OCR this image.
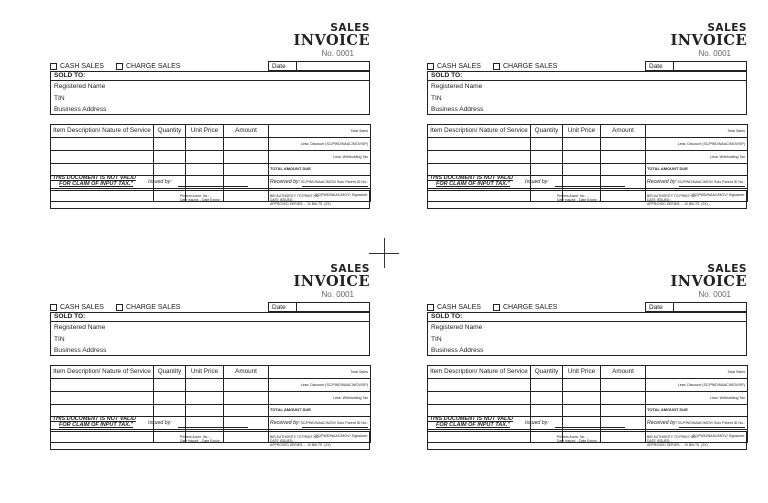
SALES
INVOICE
No. 0001
CASH SALES	CHARGE SALES	Date
SOLD TO:
Registered Name
TIN
Business Address
Item Description/ Nature of Service	Quantity	Unit Price	Amount	Total Sales
				Less: Discount (SC/PWD/NAAC/MOV/SP)
				Less: Withholding Tax
				TOTAL AMOUNT DUE
				SC/PWD/NAAC/MOV/ Solo Parent ID No.:
				SC/PWD/NAAC/MOV/ Signature:
"THIS DOCUMENT IS NOT VALID
FOR CLAIM OF INPUT TAX."	Issued by:	Received by:
Printers Accre. No.: -
Date Issued: - Date Expiry: -
BIR AUTHORITY TO PRINT NO.: -
DATE ISSUED: -
APPROVED SERIES: -  10 BKLTS  (2X)
SALES
INVOICE
No. 0001
CASH SALES	CHARGE SALES	Date
SOLD TO:
Registered Name
TIN
Business Address
Item Description/ Nature of Service	Quantity	Unit Price	Amount	Total Sales
				Less: Discount (SC/PWD/NAAC/MOV/SP)
				Less: Withholding Tax
				TOTAL AMOUNT DUE
				SC/PWD/NAAC/MOV/ Solo Parent ID No.:
				SC/PWD/NAAC/MOV/ Signature:
"THIS DOCUMENT IS NOT VALID
FOR CLAIM OF INPUT TAX."	Issued by:	Received by:
Printers Accre. No.: -
Date Issued: - Date Expiry: -
BIR AUTHORITY TO PRINT NO.: -
DATE ISSUED: -
APPROVED SERIES: -  10 BKLTS  (2X)
SALES
INVOICE
No. 0001
CASH SALES	CHARGE SALES	Date
SOLD TO:
Registered Name
TIN
Business Address
Item Description/ Nature of Service	Quantity	Unit Price	Amount	Total Sales
				Less: Discount (SC/PWD/NAAC/MOV/SP)
				Less: Withholding Tax
				TOTAL AMOUNT DUE
				SC/PWD/NAAC/MOV/ Solo Parent ID No.:
				SC/PWD/NAAC/MOV/ Signature:
"THIS DOCUMENT IS NOT VALID
FOR CLAIM OF INPUT TAX."	Issued by:	Received by:
Printers Accre. No.: -
Date Issued: - Date Expiry: -
BIR AUTHORITY TO PRINT NO.: -
DATE ISSUED: -
APPROVED SERIES: -  10 BKLTS  (2X)
SALES
INVOICE
No. 0001
CASH SALES	CHARGE SALES	Date
SOLD TO:
Registered Name
TIN
Business Address
Item Description/ Nature of Service	Quantity	Unit Price	Amount	Total Sales
				Less: Discount (SC/PWD/NAAC/MOV/SP)
				Less: Withholding Tax
				TOTAL AMOUNT DUE
				SC/PWD/NAAC/MOV/ Solo Parent ID No.:
				SC/PWD/NAAC/MOV/ Signature:
"THIS DOCUMENT IS NOT VALID
FOR CLAIM OF INPUT TAX."	Issued by:	Received by:
Printers Accre. No.: -
Date Issued: - Date Expiry: -
BIR AUTHORITY TO PRINT NO.: -
DATE ISSUED: -
APPROVED SERIES: -  10 BKLTS  (2X)
